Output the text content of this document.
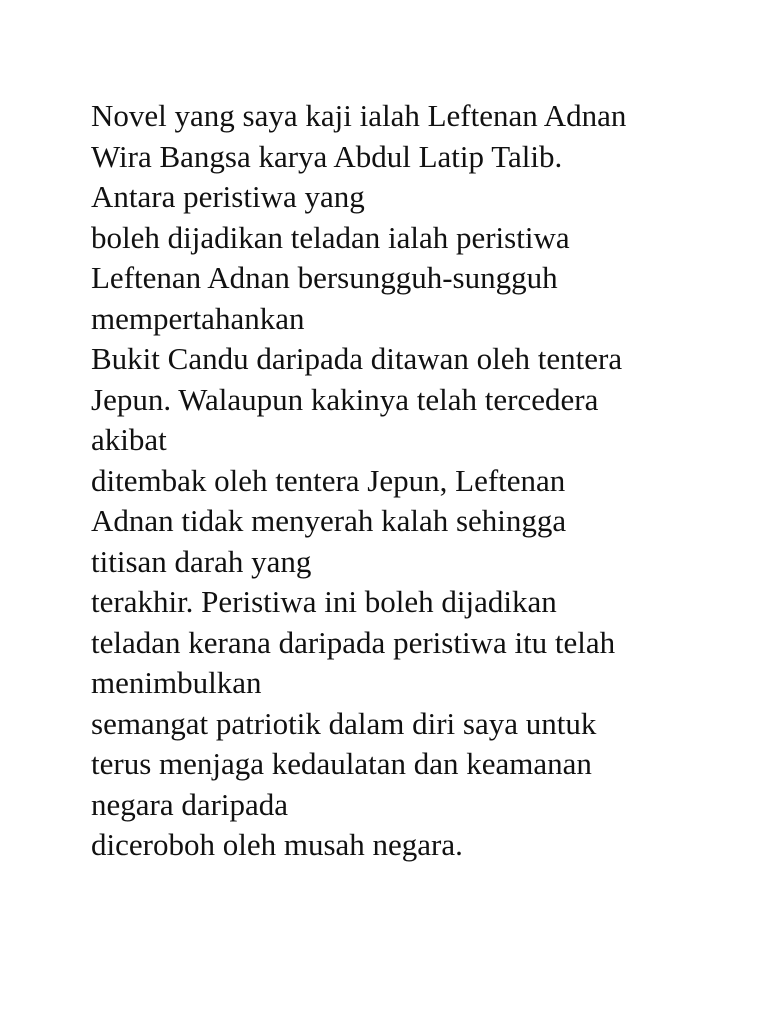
Novel yang saya kaji ialah Leftenan Adnan
Wira Bangsa karya Abdul Latip Talib.
Antara peristiwa yang
boleh dijadikan teladan ialah peristiwa
Leftenan Adnan bersungguh-sungguh
mempertahankan
Bukit Candu daripada ditawan oleh tentera
Jepun. Walaupun kakinya telah tercedera
akibat
ditembak oleh tentera Jepun, Leftenan
Adnan tidak menyerah kalah sehingga
titisan darah yang
terakhir. Peristiwa ini boleh dijadikan
teladan kerana daripada peristiwa itu telah
menimbulkan
semangat patriotik dalam diri saya untuk
terus menjaga kedaulatan dan keamanan
negara daripada
diceroboh oleh musah negara.
